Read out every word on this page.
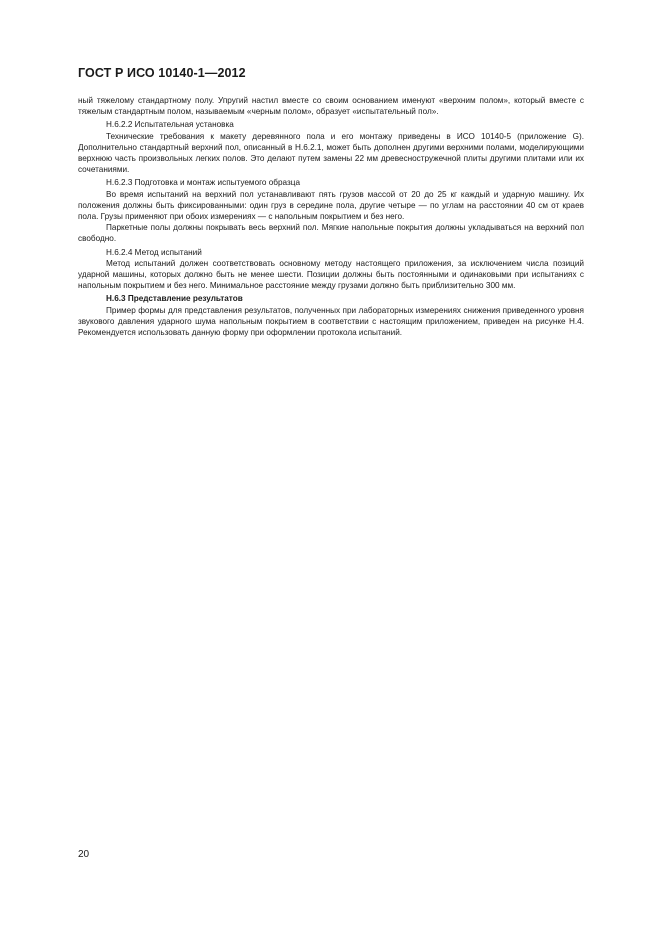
ГОСТ Р ИСО 10140-1—2012

ный тяжелому стандартному полу. Упругий настил вместе со своим основанием именуют «верхним полом», который вместе с тяжелым стандартным полом, называемым «черным полом», образует «испытательный пол».

Н.6.2.2 Испытательная установка

Технические требования к макету деревянного пола и его монтажу приведены в ИСО 10140-5 (приложение G). Дополнительно стандартный верхний пол, описанный в Н.6.2.1, может быть дополнен другими верхними полами, моделирующими верхнюю часть произвольных легких полов. Это делают путем замены 22 мм древесностружечной плиты другими плитами или их сочетаниями.

Н.6.2.3 Подготовка и монтаж испытуемого образца

Во время испытаний на верхний пол устанавливают пять грузов массой от 20 до 25 кг каждый и ударную машину. Их положения должны быть фиксированными: один груз в середине пола, другие четыре — по углам на расстоянии 40 см от краев пола. Грузы применяют при обоих измерениях — с напольным покрытием и без него.

Паркетные полы должны покрывать весь верхний пол. Мягкие напольные покрытия должны укладываться на верхний пол свободно.

Н.6.2.4 Метод испытаний

Метод испытаний должен соответствовать основному методу настоящего приложения, за исключением числа позиций ударной машины, которых должно быть не менее шести. Позиции должны быть постоянными и одинаковыми при испытаниях с напольным покрытием и без него. Минимальное расстояние между грузами должно быть приблизительно 300 мм.

Н.6.3 Представление результатов

Пример формы для представления результатов, полученных при лабораторных измерениях снижения приведенного уровня звукового давления ударного шума напольным покрытием в соответствии с настоящим приложением, приведен на рисунке Н.4. Рекомендуется использовать данную форму при оформлении протокола испытаний.

20
